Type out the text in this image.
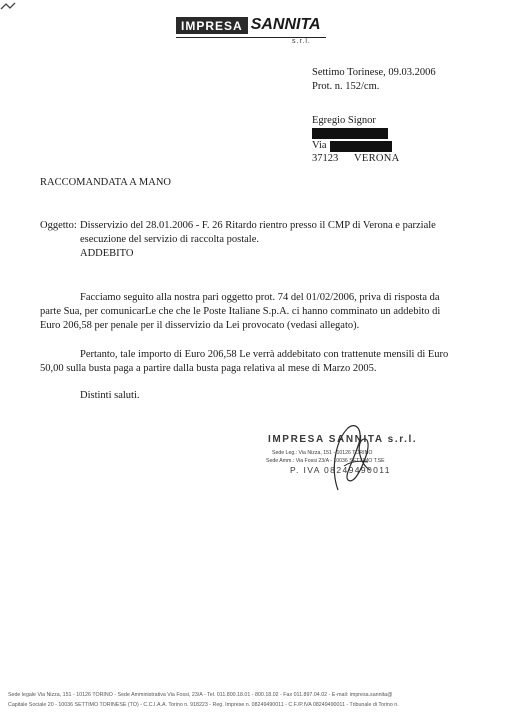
IMPRESA SANNITA
s.r.l.
Settimo Torinese, 09.03.2006
Prot. n. 152/cm.
Egregio Signor
Via
37123 VERONA
RACCOMANDATA A MANO
Oggetto: Disservizio del 28.01.2006 - F. 26 Ritardo rientro presso il CMP di Verona e parziale
esecuzione del servizio di raccolta postale.
ADDEBITO
Facciamo seguito alla nostra pari oggetto prot. 74 del 01/02/2006, priva di risposta da
parte Sua, per comunicarLe che che le Poste Italiane S.p.A. ci hanno comminato un addebito di
Euro 206,58 per penale per il disservizio da Lei provocato (vedasi allegato).
Pertanto, tale importo di Euro 206,58 Le verrà addebitato con trattenute mensili di Euro
50,00 sulla busta paga a partire dalla busta paga relativa al mese di Marzo 2005.
Distinti saluti.
IMPRESA SANNITA s.r.l.
Sede Leg.: Via Nizza, 151 - 10126 TORINO
Sede Amm.: Via Fossi 23/A - 10036 SETTIMO T.SE
P. IVA 08249490011
Sede legale Via Nizza, 151 - 10126 TORINO - Sede Amministrativa Via Fossi, 23/A - Tel. 011.800.18.01 - 800.18.02 - Fax 011.897.04.02 - E-mail: impresa.sannita@
Capitale Sociale 20 - 10036 SETTIMO TORINESE (TO) - C.C.I.A.A. Torino n. 918223 - Reg. Imprese n. 08249490011 - C.F./P.IVA 08249490011 - Tribunale di Torino n.
